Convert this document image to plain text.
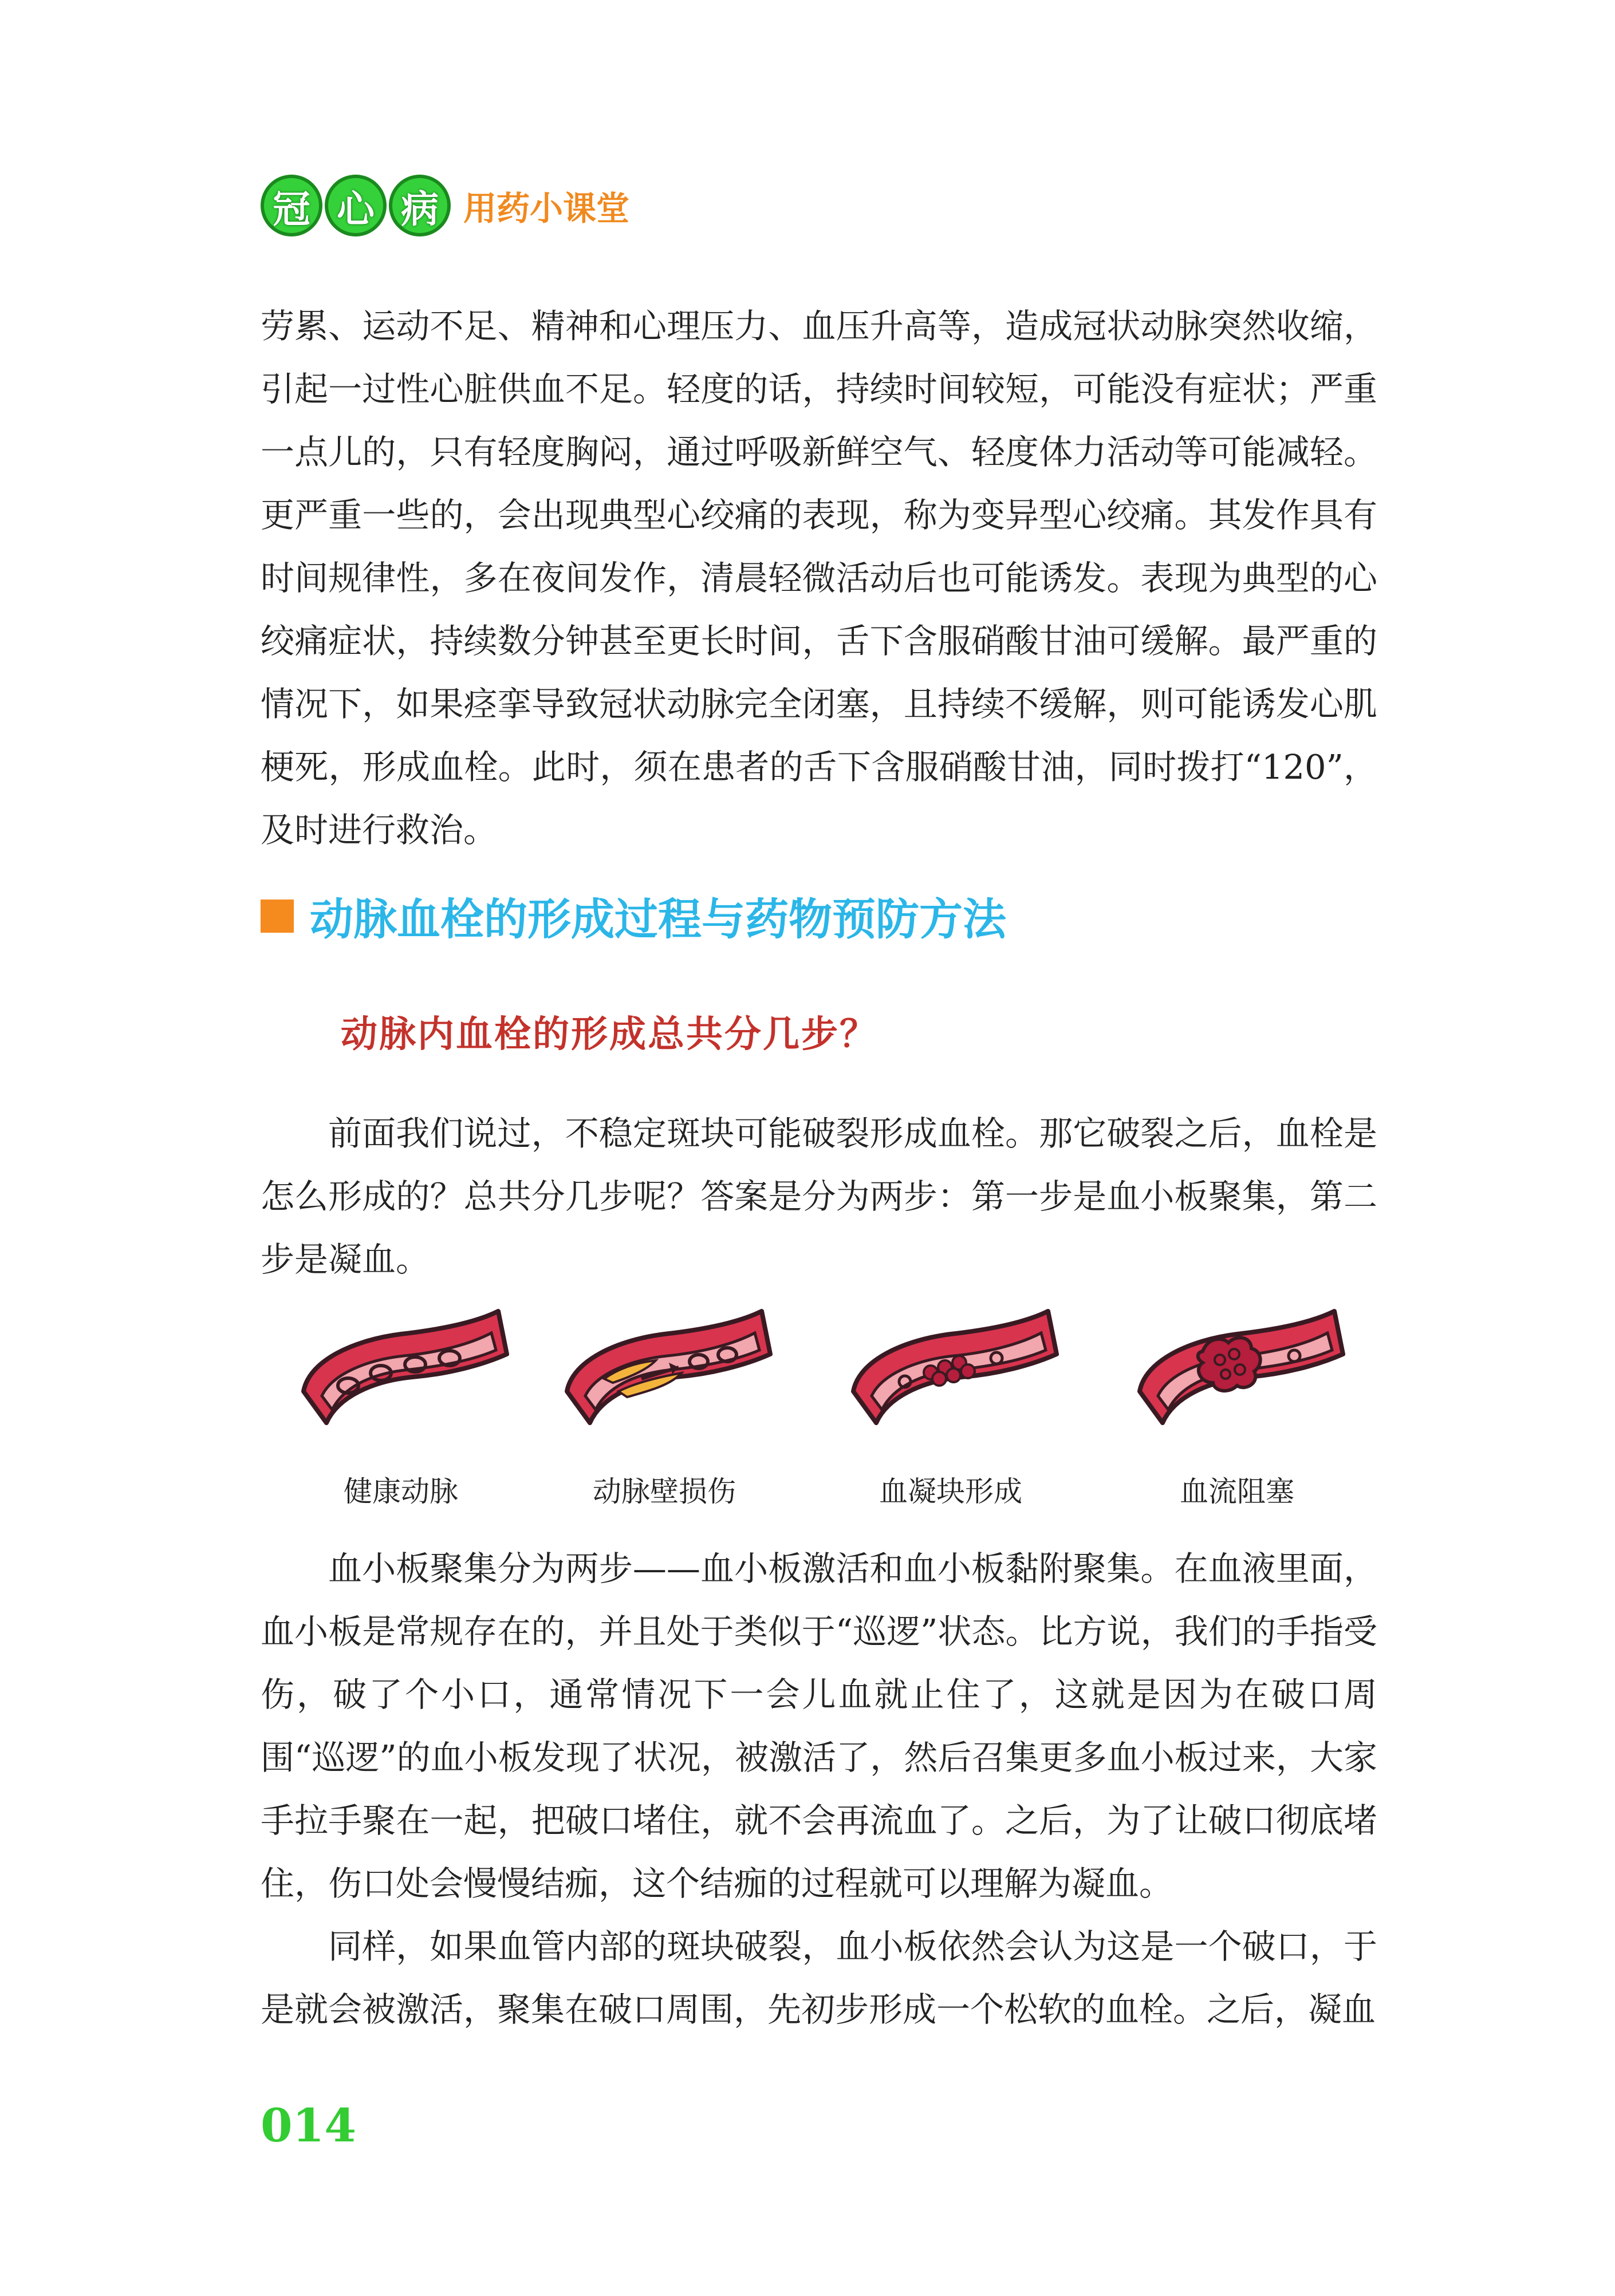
冠 心 病 用药小课堂

劳累、运动不足、精神和心理压力、血压升高等，造成冠状动脉突然收缩，引起一过性心脏供血不足。轻度的话，持续时间较短，可能没有症状；严重一点儿的，只有轻度胸闷，通过呼吸新鲜空气、轻度体力活动等可能减轻。更严重一些的，会出现典型心绞痛的表现，称为变异型心绞痛。其发作具有时间规律性，多在夜间发作，清晨轻微活动后也可能诱发。表现为典型的心绞痛症状，持续数分钟甚至更长时间，舌下含服硝酸甘油可缓解。最严重的情况下，如果痉挛导致冠状动脉完全闭塞，且持续不缓解，则可能诱发心肌梗死，形成血栓。此时，须在患者的舌下含服硝酸甘油，同时拨打“120”，及时进行救治。

动脉血栓的形成过程与药物预防方法
动脉内血栓的形成总共分几步？

前面我们说过，不稳定斑块可能破裂形成血栓。那它破裂之后，血栓是怎么形成的？总共分几步呢？答案是分为两步：第一步是血小板聚集，第二步是凝血。

健康动脉	动脉壁损伤	血凝块形成	血流阻塞

血小板聚集分为两步——血小板激活和血小板黏附聚集。在血液里面，血小板是常规存在的，并且处于类似于“巡逻”状态。比方说，我们的手指受伤，破了个小口，通常情况下一会儿血就止住了，这就是因为在破口周围“巡逻”的血小板发现了状况，被激活了，然后召集更多血小板过来，大家手拉手聚在一起，把破口堵住，就不会再流血了。之后，为了让破口彻底堵住，伤口处会慢慢结痂，这个结痂的过程就可以理解为凝血。

同样，如果血管内部的斑块破裂，血小板依然会认为这是一个破口，于是就会被激活，聚集在破口周围，先初步形成一个松软的血栓。之后，凝血

014
